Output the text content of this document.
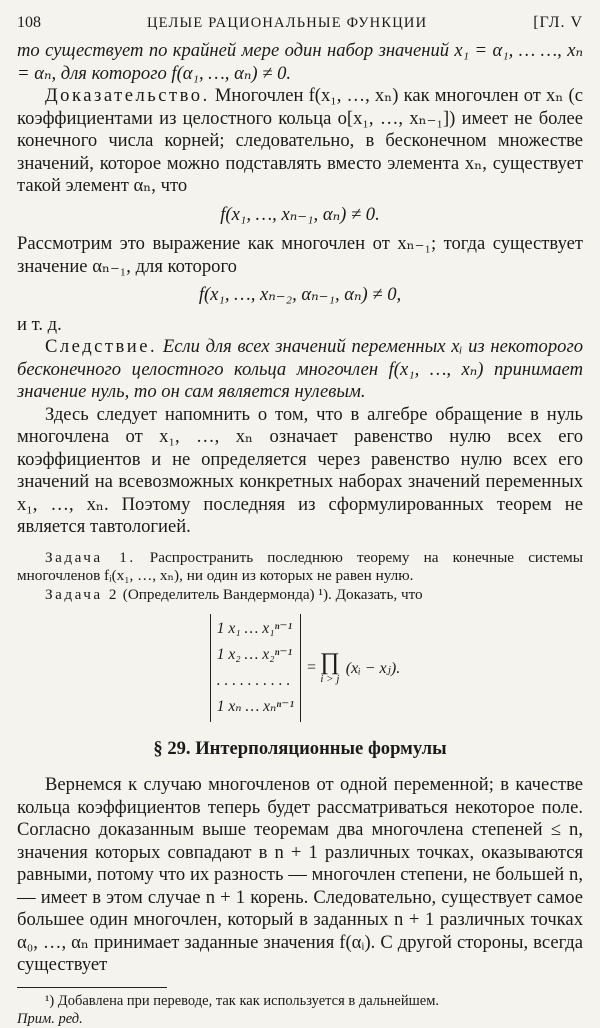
108	ЦЕЛЫЕ РАЦИОНАЛЬНЫЕ ФУНКЦИИ	[ГЛ. V

то существует по крайней мере один набор значений x₁ = α₁, … …, xₙ = αₙ, для которого f(α₁, …, αₙ) ≠ 0.

Доказательство. Многочлен f(x₁, …, xₙ) как многочлен от xₙ (с коэффициентами из целостного кольца o[x₁, …, xₙ₋₁]) имеет не более конечного числа корней; следовательно, в бесконечном множестве значений, которое можно подставлять вместо элемента xₙ, существует такой элемент αₙ, что

f(x₁, …, xₙ₋₁, αₙ) ≠ 0.

Рассмотрим это выражение как многочлен от xₙ₋₁; тогда существует значение αₙ₋₁, для которого

f(x₁, …, xₙ₋₂, αₙ₋₁, αₙ) ≠ 0,

и т. д.

Следствие. Если для всех значений переменных xᵢ из некоторого бесконечного целостного кольца многочлен f(x₁, …, xₙ) принимает значение нуль, то он сам является нулевым.

Здесь следует напомнить о том, что в алгебре обращение в нуль многочлена от x₁, …, xₙ означает равенство нулю всех его коэффициентов и не определяется через равенство нулю всех его значений на всевозможных конкретных наборах значений переменных x₁, …, xₙ. Поэтому последняя из сформулированных теорем не является тавтологией.

Задача 1. Распространить последнюю теорему на конечные системы многочленов fᵢ(x₁, …, xₙ), ни один из которых не равен нулю.

Задача 2 (Определитель Вандермонда) ¹). Доказать, что

1 x₁ … x₁ⁿ⁻¹
1 x₂ … x₂ⁿ⁻¹
. . . . . . . . . .
1 xₙ … xₙⁿ⁻¹
= ∏
i > j
(xᵢ − xⱼ).
§ 29. Интерполяционные формулы

Вернемся к случаю многочленов от одной переменной; в качестве кольца коэффициентов теперь будет рассматриваться некоторое поле. Согласно доказанным выше теоремам два многочлена степеней ≤ n, значения которых совпадают в n + 1 различных точках, оказываются равными, потому что их разность — многочлен степени, не большей n, — имеет в этом случае n + 1 корень. Следовательно, существует самое большее один многочлен, который в заданных n + 1 различных точках α₀, …, αₙ принимает заданные значения f(αᵢ). С другой стороны, всегда существует

¹) Добавлена при переводе, так как используется в дальнейшем.

Прим. ред.
